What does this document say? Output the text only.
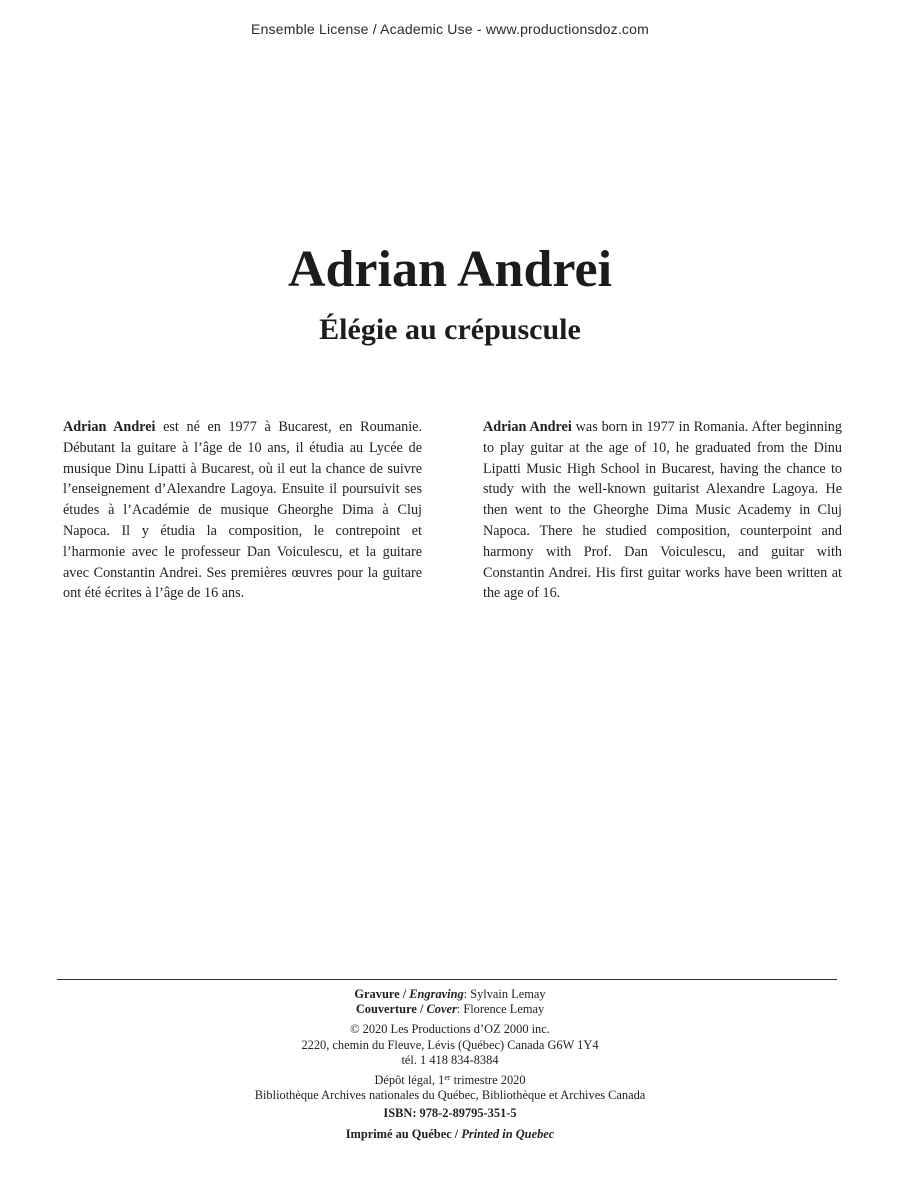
Ensemble License / Academic Use - www.productionsdoz.com
Adrian Andrei
Élégie au crépuscule
Adrian Andrei est né en 1977 à Bucarest, en Roumanie. Débutant la guitare à l’âge de 10 ans, il étudia au Lycée de musique Dinu Lipatti à Bucarest, où il eut la chance de suivre l’enseignement d’Alexandre Lagoya. Ensuite il poursuivit ses études à l’Académie de musique Gheorghe Dima à Cluj Napoca. Il y étudia la composition, le contrepoint et l’harmonie avec le professeur Dan Voiculescu, et la guitare avec Constantin Andrei. Ses premières œuvres pour la guitare ont été écrites à l’âge de 16 ans.
Adrian Andrei was born in 1977 in Romania. After beginning to play guitar at the age of 10, he graduated from the Dinu Lipatti Music High School in Bucarest, having the chance to study with the well-known guitarist Alexandre Lagoya. He then went to the Gheorghe Dima Music Academy in Cluj Napoca. There he studied composition, counterpoint and harmony with Prof. Dan Voiculescu, and guitar with Constantin Andrei. His first guitar works have been written at the age of 16.
Gravure / Engraving: Sylvain Lemay
Couverture / Cover: Florence Lemay
© 2020 Les Productions d’OZ 2000 inc.
2220, chemin du Fleuve, Lévis (Québec) Canada G6W 1Y4
tél. 1 418 834-8384
Dépôt légal, 1er trimestre 2020
Bibliothèque Archives nationales du Québec, Bibliothèque et Archives Canada
ISBN: 978-2-89795-351-5
Imprimé au Québec / Printed in Quebec
